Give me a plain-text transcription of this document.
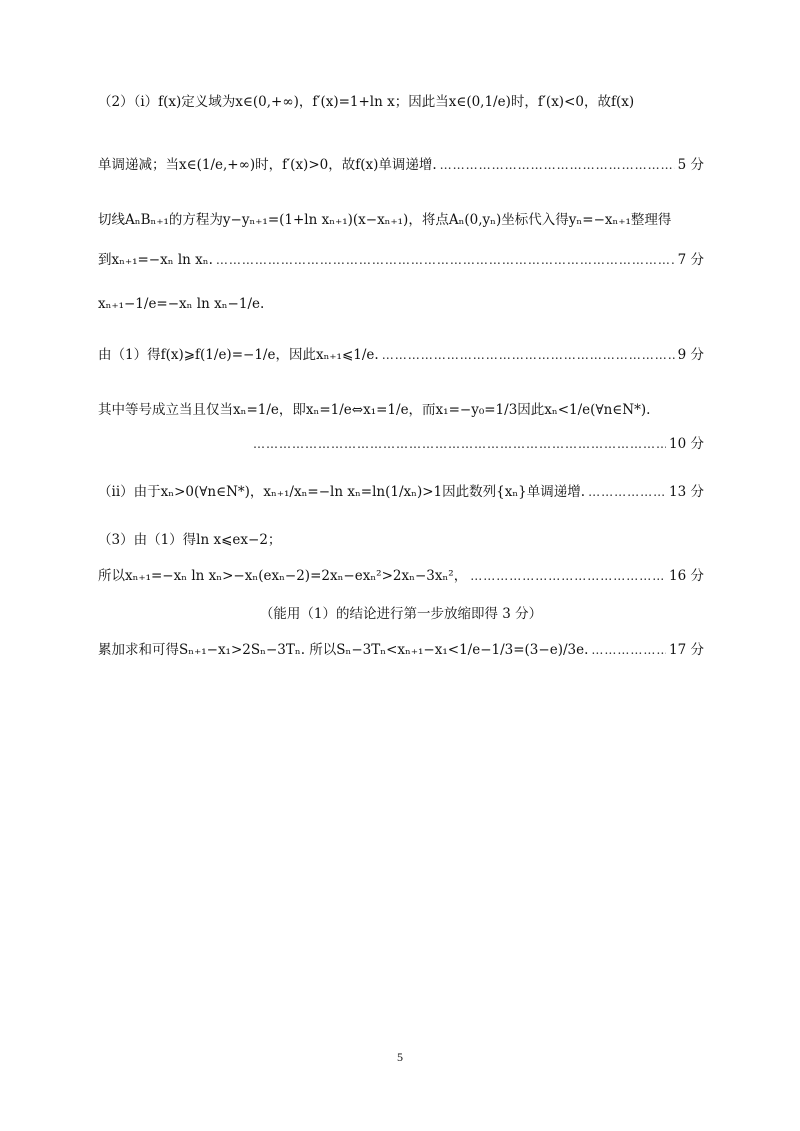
（2）（i）f(x)定义域为x∈(0,+∞)，f′(x)=1+ln x；因此当x∈(0,1/e)时，f′(x)<0，故f(x)
单调递减；当x∈(1/e,+∞)时，f′(x)>0，故f(x)单调递增. ……………………………………………………………………………………………………………………………………………………………………………………	5 分
切线AₙBₙ₊₁的方程为y−yₙ₊₁=(1+ln xₙ₊₁)(x−xₙ₊₁)，将点Aₙ(0,yₙ)坐标代入得yₙ=−xₙ₊₁整理得
到xₙ₊₁=−xₙ ln xₙ. ……………………………………………………………………………………………………………………………………………………………………………………	7 分
xₙ₊₁−1/e=−xₙ ln xₙ−1/e.
由（1）得f(x)⩾f(1/e)=−1/e，因此xₙ₊₁⩽1/e. ……………………………………………………………………………………………………………………………………………………………………………………	9 分
其中等号成立当且仅当xₙ=1/e，即xₙ=1/e⇔x₁=1/e，而x₁=−y₀=1/3因此xₙ<1/e(∀n∈N*).
……………………………………………………………………………………………………………………………………………………………………………………
10 分
（ii）由于xₙ>0(∀n∈N*)，xₙ₊₁/xₙ=−ln xₙ=ln(1/xₙ)>1因此数列{xₙ}单调递增. ……………………………………………………………………………………………………………………………………………………………………………………	13 分
（3）由（1）得ln x⩽ex−2；
所以xₙ₊₁=−xₙ ln xₙ>−xₙ(exₙ−2)=2xₙ−exₙ²>2xₙ−3xₙ²， ……………………………………………………………………………………………………………………………………………………………………………………	16 分
（能用（1）的结论进行第一步放缩即得 3 分）
累加求和可得Sₙ₊₁−x₁>2Sₙ−3Tₙ. 所以Sₙ−3Tₙ<xₙ₊₁−x₁<1/e−1/3=(3−e)/3e. ……………………………………………………………………………………………………………………………………………………………………………………	17 分
5
